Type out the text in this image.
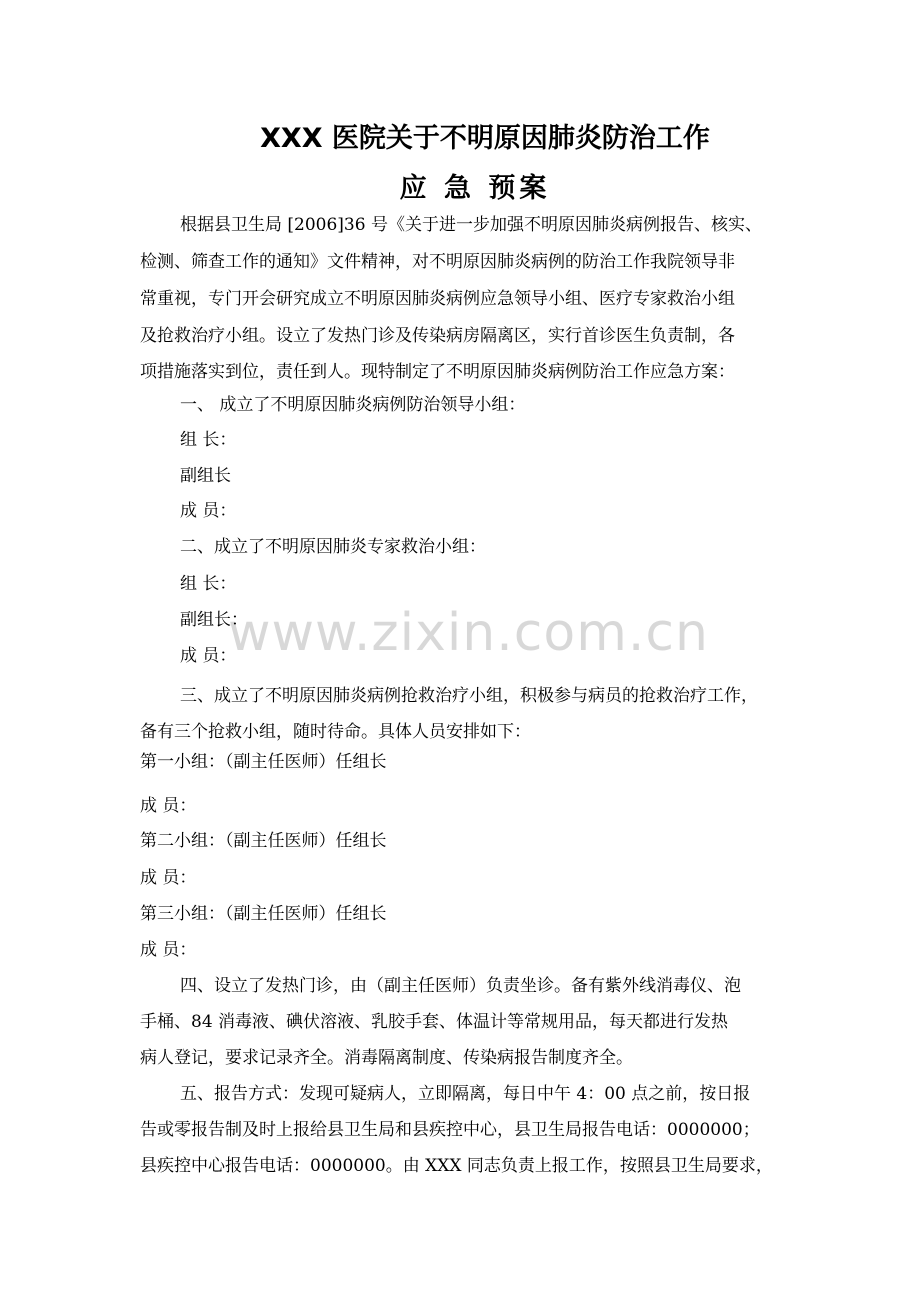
XXX 医院关于不明原因肺炎防治工作
应 急 预案
www.zixin.com.cn
根据县卫生局 [2006]36 号《关于进一步加强不明原因肺炎病例报告、核实、
检测、筛查工作的通知》文件精神，对不明原因肺炎病例的防治工作我院领导非
常重视，专门开会研究成立不明原因肺炎病例应急领导小组、医疗专家救治小组
及抢救治疗小组。设立了发热门诊及传染病房隔离区，实行首诊医生负责制，各
项措施落实到位，责任到人。现特制定了不明原因肺炎病例防治工作应急方案：
一、 成立了不明原因肺炎病例防治领导小组：
组 长：
副组长
成 员：
二、成立了不明原因肺炎专家救治小组：
组 长：
副组长：
成 员：
三、成立了不明原因肺炎病例抢救治疗小组，积极参与病员的抢救治疗工作，
备有三个抢救小组，随时待命。具体人员安排如下：
第一小组：（副主任医师）任组长
成 员：
第二小组：（副主任医师）任组长
成 员：
第三小组：（副主任医师）任组长
成 员：
四、设立了发热门诊，由（副主任医师）负责坐诊。备有紫外线消毒仪、泡
手桶、84 消毒液、碘伏溶液、乳胶手套、体温计等常规用品，每天都进行发热
病人登记，要求记录齐全。消毒隔离制度、传染病报告制度齐全。
五、报告方式：发现可疑病人，立即隔离，每日中午 4：00 点之前，按日报
告或零报告制及时上报给县卫生局和县疾控中心，县卫生局报告电话：0000000；
县疾控中心报告电话：0000000。由 XXX 同志负责上报工作，按照县卫生局要求，
